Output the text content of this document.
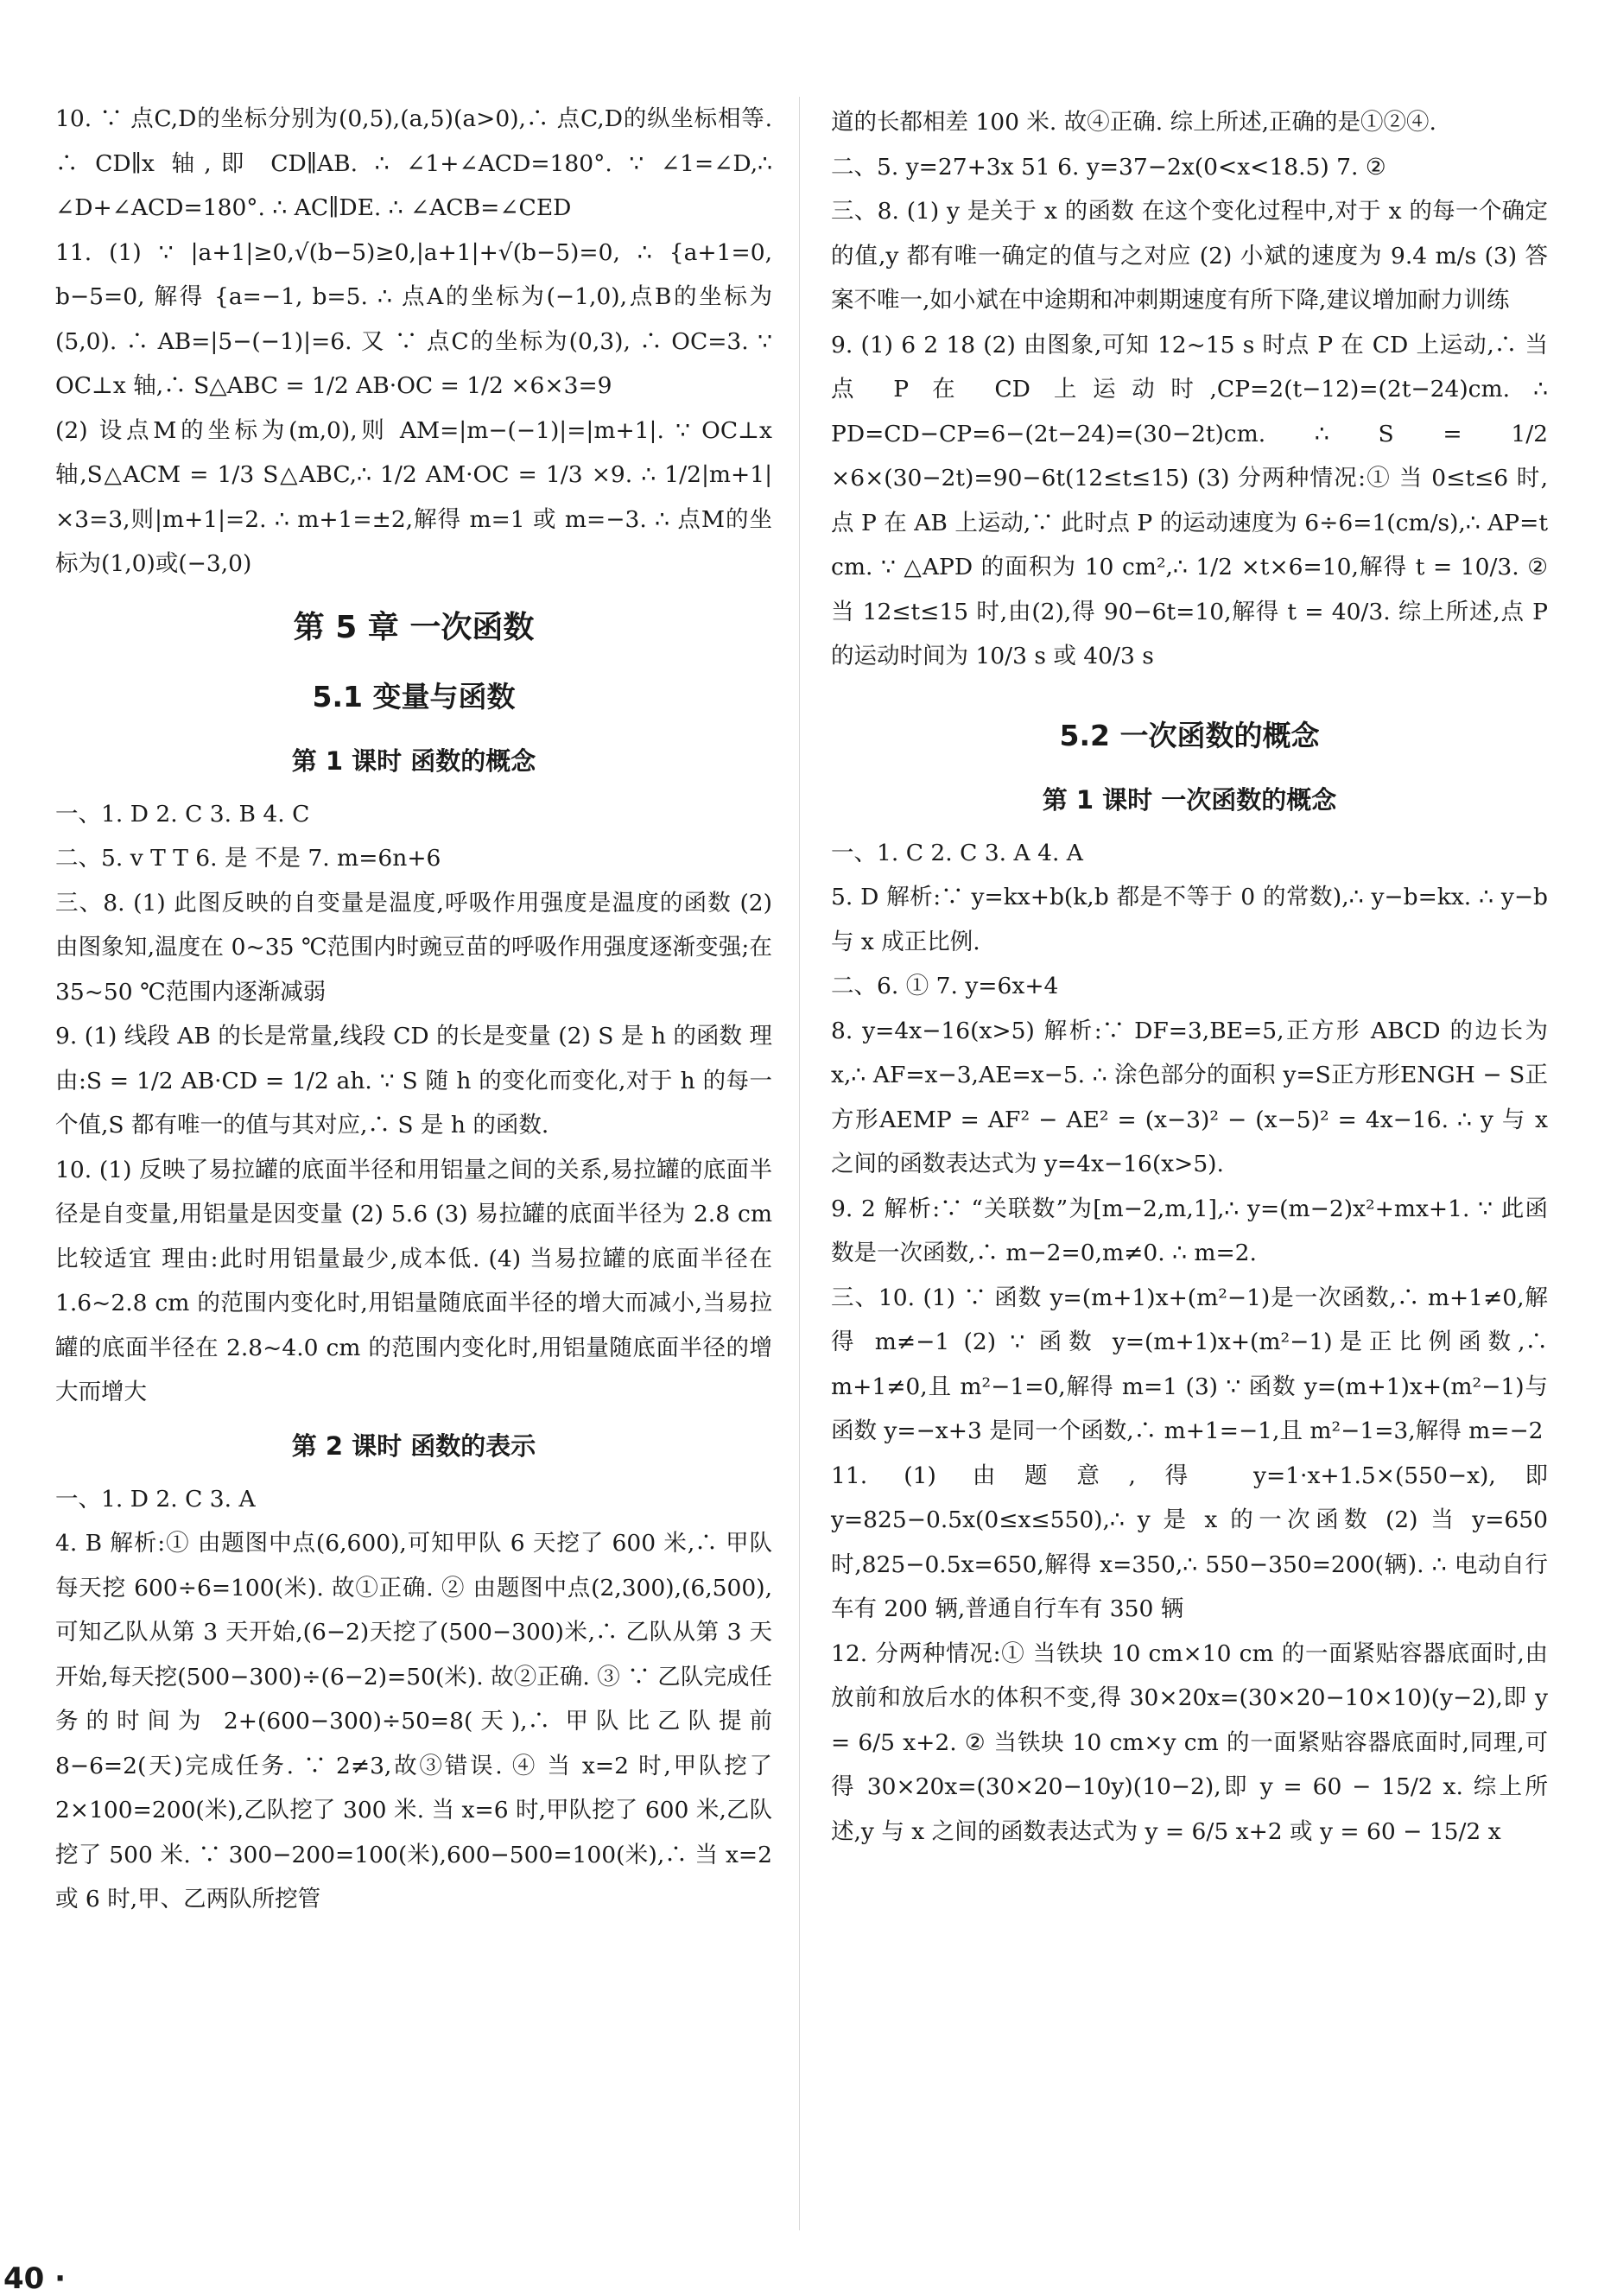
10. ∵ 点C,D的坐标分别为(0,5),(a,5)(a>0),∴ 点C,D的纵坐标相等. ∴ CD∥x 轴,即 CD∥AB. ∴ ∠1+∠ACD=180°. ∵ ∠1=∠D,∴ ∠D+∠ACD=180°. ∴ AC∥DE. ∴ ∠ACB=∠CED

11. (1) ∵ |a+1|≥0,√(b−5)≥0,|a+1|+√(b−5)=0, ∴ {a+1=0, b−5=0, 解得 {a=−1, b=5. ∴ 点A的坐标为(−1,0),点B的坐标为(5,0). ∴ AB=|5−(−1)|=6. 又 ∵ 点C的坐标为(0,3), ∴ OC=3. ∵ OC⊥x 轴,∴ S△ABC = 1/2 AB·OC = 1/2 ×6×3=9

(2) 设点M的坐标为(m,0),则 AM=|m−(−1)|=|m+1|. ∵ OC⊥x 轴,S△ACM = 1/3 S△ABC,∴ 1/2 AM·OC = 1/3 ×9. ∴ 1/2|m+1|×3=3,则|m+1|=2. ∴ m+1=±2,解得 m=1 或 m=−3. ∴ 点M的坐标为(1,0)或(−3,0)

第 5 章 一次函数
5.1 变量与函数
第 1 课时 函数的概念

一、1. D 2. C 3. B 4. C

二、5. v T T 6. 是 不是 7. m=6n+6

三、8. (1) 此图反映的自变量是温度,呼吸作用强度是温度的函数 (2) 由图象知,温度在 0~35 ℃范围内时豌豆苗的呼吸作用强度逐渐变强;在 35~50 ℃范围内逐渐减弱

9. (1) 线段 AB 的长是常量,线段 CD 的长是变量 (2) S 是 h 的函数 理由:S = 1/2 AB·CD = 1/2 ah. ∵ S 随 h 的变化而变化,对于 h 的每一个值,S 都有唯一的值与其对应,∴ S 是 h 的函数.

10. (1) 反映了易拉罐的底面半径和用铝量之间的关系,易拉罐的底面半径是自变量,用铝量是因变量 (2) 5.6 (3) 易拉罐的底面半径为 2.8 cm 比较适宜 理由:此时用铝量最少,成本低. (4) 当易拉罐的底面半径在 1.6~2.8 cm 的范围内变化时,用铝量随底面半径的增大而减小,当易拉罐的底面半径在 2.8~4.0 cm 的范围内变化时,用铝量随底面半径的增大而增大

第 2 课时 函数的表示

一、1. D 2. C 3. A

4. B 解析:① 由题图中点(6,600),可知甲队 6 天挖了 600 米,∴ 甲队每天挖 600÷6=100(米). 故①正确. ② 由题图中点(2,300),(6,500),可知乙队从第 3 天开始,(6−2)天挖了(500−300)米,∴ 乙队从第 3 天开始,每天挖(500−300)÷(6−2)=50(米). 故②正确. ③ ∵ 乙队完成任务的时间为 2+(600−300)÷50=8(天),∴ 甲队比乙队提前 8−6=2(天)完成任务. ∵ 2≠3,故③错误. ④ 当 x=2 时,甲队挖了 2×100=200(米),乙队挖了 300 米. 当 x=6 时,甲队挖了 600 米,乙队挖了 500 米. ∵ 300−200=100(米),600−500=100(米),∴ 当 x=2 或 6 时,甲、乙两队所挖管

道的长都相差 100 米. 故④正确. 综上所述,正确的是①②④.

二、5. y=27+3x 51 6. y=37−2x(0<x<18.5) 7. ②

三、8. (1) y 是关于 x 的函数 在这个变化过程中,对于 x 的每一个确定的值,y 都有唯一确定的值与之对应 (2) 小斌的速度为 9.4 m/s (3) 答案不唯一,如小斌在中途期和冲刺期速度有所下降,建议增加耐力训练

9. (1) 6 2 18 (2) 由图象,可知 12~15 s 时点 P 在 CD 上运动,∴ 当点 P 在 CD 上运动时,CP=2(t−12)=(2t−24)cm. ∴ PD=CD−CP=6−(2t−24)=(30−2t)cm. ∴ S = 1/2 ×6×(30−2t)=90−6t(12≤t≤15) (3) 分两种情况:① 当 0≤t≤6 时,点 P 在 AB 上运动,∵ 此时点 P 的运动速度为 6÷6=1(cm/s),∴ AP=t cm. ∵ △APD 的面积为 10 cm²,∴ 1/2 ×t×6=10,解得 t = 10/3. ② 当 12≤t≤15 时,由(2),得 90−6t=10,解得 t = 40/3. 综上所述,点 P 的运动时间为 10/3 s 或 40/3 s

5.2 一次函数的概念
第 1 课时 一次函数的概念

一、1. C 2. C 3. A 4. A

5. D 解析:∵ y=kx+b(k,b 都是不等于 0 的常数),∴ y−b=kx. ∴ y−b 与 x 成正比例.

二、6. ① 7. y=6x+4

8. y=4x−16(x>5) 解析:∵ DF=3,BE=5,正方形 ABCD 的边长为 x,∴ AF=x−3,AE=x−5. ∴ 涂色部分的面积 y=S正方形ENGH − S正方形AEMP = AF² − AE² = (x−3)² − (x−5)² = 4x−16. ∴ y 与 x 之间的函数表达式为 y=4x−16(x>5).

9. 2 解析:∵ “关联数”为[m−2,m,1],∴ y=(m−2)x²+mx+1. ∵ 此函数是一次函数,∴ m−2=0,m≠0. ∴ m=2.

三、10. (1) ∵ 函数 y=(m+1)x+(m²−1)是一次函数,∴ m+1≠0,解得 m≠−1 (2) ∵ 函数 y=(m+1)x+(m²−1)是正比例函数,∴ m+1≠0,且 m²−1=0,解得 m=1 (3) ∵ 函数 y=(m+1)x+(m²−1)与函数 y=−x+3 是同一个函数,∴ m+1=−1,且 m²−1=3,解得 m=−2

11. (1) 由题意,得 y=1·x+1.5×(550−x),即 y=825−0.5x(0≤x≤550),∴ y 是 x 的一次函数 (2) 当 y=650 时,825−0.5x=650,解得 x=350,∴ 550−350=200(辆). ∴ 电动自行车有 200 辆,普通自行车有 350 辆

12. 分两种情况:① 当铁块 10 cm×10 cm 的一面紧贴容器底面时,由放前和放后水的体积不变,得 30×20x=(30×20−10×10)(y−2),即 y = 6/5 x+2. ② 当铁块 10 cm×y cm 的一面紧贴容器底面时,同理,可得 30×20x=(30×20−10y)(10−2),即 y = 60 − 15/2 x. 综上所述,y 与 x 之间的函数表达式为 y = 6/5 x+2 或 y = 60 − 15/2 x

40 ·
